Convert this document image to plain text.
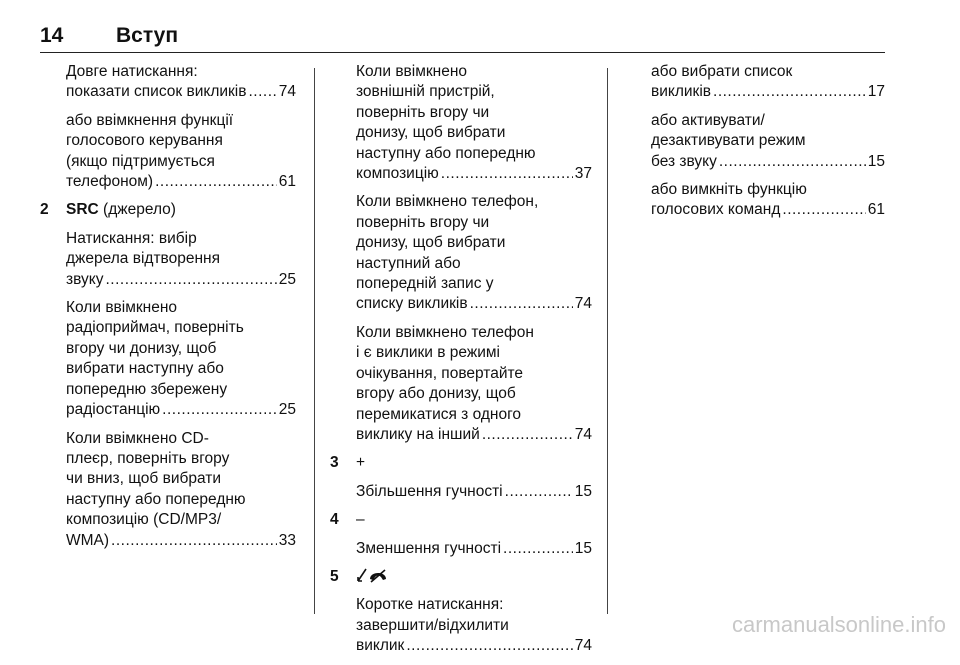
14	Вступ
Довге натискання:
показати список викликів ..... 74
або ввімкнення функції
голосового керування
(якщо підтримується
телефоном) .....	61
2 SRC (джерело)
Натискання: вибір
джерела відтворення
звуку .....	25
Коли ввімкнено
радіоприймач, поверніть
вгору чи донизу, щоб
вибрати наступну або
попередню збережену
радіостанцію .....	25
Коли ввімкнено CD-
плеєр, поверніть вгору
чи вниз, щоб вибрати
наступну або попередню
композицію (CD/MP3/
WMA) .....	33
Коли ввімкнено
зовнішній пристрій,
поверніть вгору чи
донизу, щоб вибрати
наступну або попередню
композицію .....	37
Коли ввімкнено телефон,
поверніть вгору чи
донизу, щоб вибрати
наступний або
попередній запис у
списку викликів .....	74
Коли ввімкнено телефон
і є виклики в режимі
очікування, повертайте
вгору або донизу, щоб
перемикатися з одного
виклику на інший .....	74
3 +
Збільшення гучності .....	15
4 –
Зменшення гучності .....	15
5
Коротке натискання:
завершити/відхилити
виклик .....	74
або вибрати список
викликів .....	17
або активувати/
дезактивувати режим
без звуку .....	15
або вимкніть функцію
голосових команд .....	61
carmanualsonline.info
